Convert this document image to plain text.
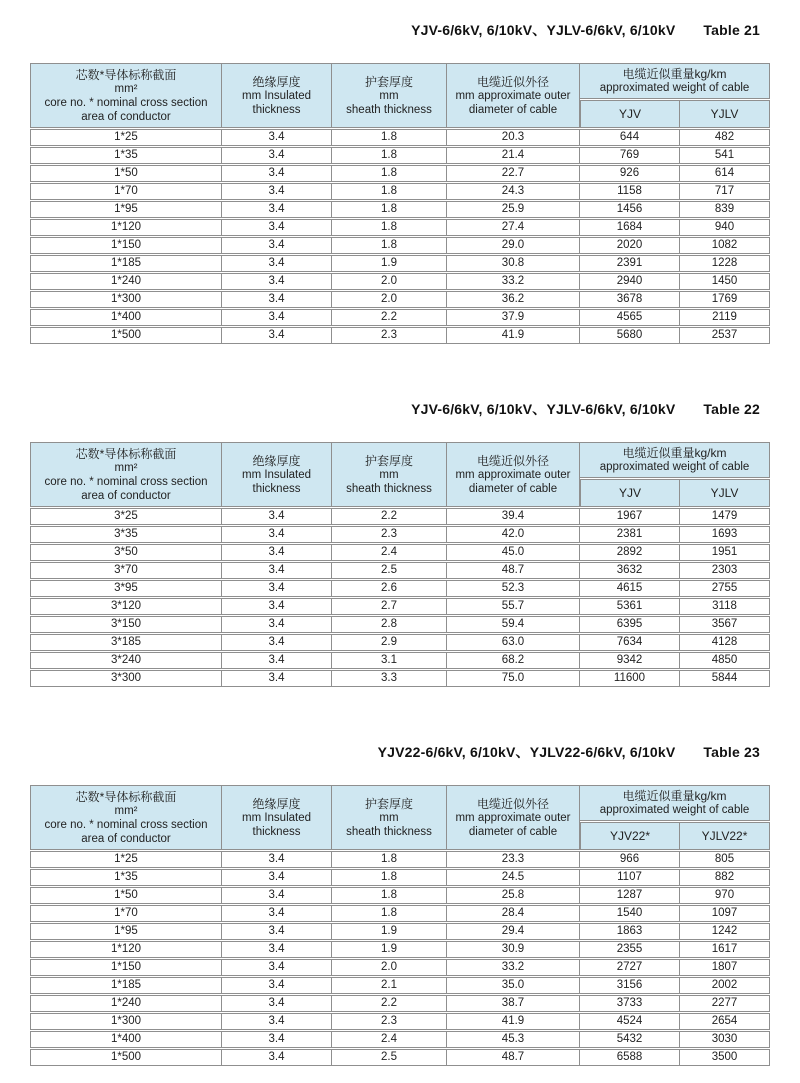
YJV-6/6kV, 6/10kV、YJLV-6/6kV, 6/10kV Table 21
芯数*导体标称截面
mm²
core no. * nominal cross section
area of conductor

绝缘厚度
mm Insulated
thickness

护套厚度
mm
sheath thickness

电缆近似外径
mm approximate outer
diameter of cable

电缆近似重量kg/km
approximated weight of cable

				YJV	YJLV
1*25	3.4	1.8	20.3	644	482
1*35	3.4	1.8	21.4	769	541
1*50	3.4	1.8	22.7	926	614
1*70	3.4	1.8	24.3	1158	717
1*95	3.4	1.8	25.9	1456	839
1*120	3.4	1.8	27.4	1684	940
1*150	3.4	1.8	29.0	2020	1082
1*185	3.4	1.9	30.8	2391	1228
1*240	3.4	2.0	33.2	2940	1450
1*300	3.4	2.0	36.2	3678	1769
1*400	3.4	2.2	37.9	4565	2119
1*500	3.4	2.3	41.9	5680	2537
YJV-6/6kV, 6/10kV、YJLV-6/6kV, 6/10kV Table 22
芯数*导体标称截面
mm²
core no. * nominal cross section
area of conductor

绝缘厚度
mm Insulated
thickness

护套厚度
mm
sheath thickness

电缆近似外径
mm approximate outer
diameter of cable

电缆近似重量kg/km
approximated weight of cable

				YJV	YJLV
3*25	3.4	2.2	39.4	1967	1479
3*35	3.4	2.3	42.0	2381	1693
3*50	3.4	2.4	45.0	2892	1951
3*70	3.4	2.5	48.7	3632	2303
3*95	3.4	2.6	52.3	4615	2755
3*120	3.4	2.7	55.7	5361	3118
3*150	3.4	2.8	59.4	6395	3567
3*185	3.4	2.9	63.0	7634	4128
3*240	3.4	3.1	68.2	9342	4850
3*300	3.4	3.3	75.0	11600	5844
YJV22-6/6kV, 6/10kV、YJLV22-6/6kV, 6/10kV Table 23
芯数*导体标称截面
mm²
core no. * nominal cross section
area of conductor

绝缘厚度
mm Insulated
thickness

护套厚度
mm
sheath thickness

电缆近似外径
mm approximate outer
diameter of cable

电缆近似重量kg/km
approximated weight of cable

				YJV22*	YJLV22*
1*25	3.4	1.8	23.3	966	805
1*35	3.4	1.8	24.5	1107	882
1*50	3.4	1.8	25.8	1287	970
1*70	3.4	1.8	28.4	1540	1097
1*95	3.4	1.9	29.4	1863	1242
1*120	3.4	1.9	30.9	2355	1617
1*150	3.4	2.0	33.2	2727	1807
1*185	3.4	2.1	35.0	3156	2002
1*240	3.4	2.2	38.7	3733	2277
1*300	3.4	2.3	41.9	4524	2654
1*400	3.4	2.4	45.3	5432	3030
1*500	3.4	2.5	48.7	6588	3500
